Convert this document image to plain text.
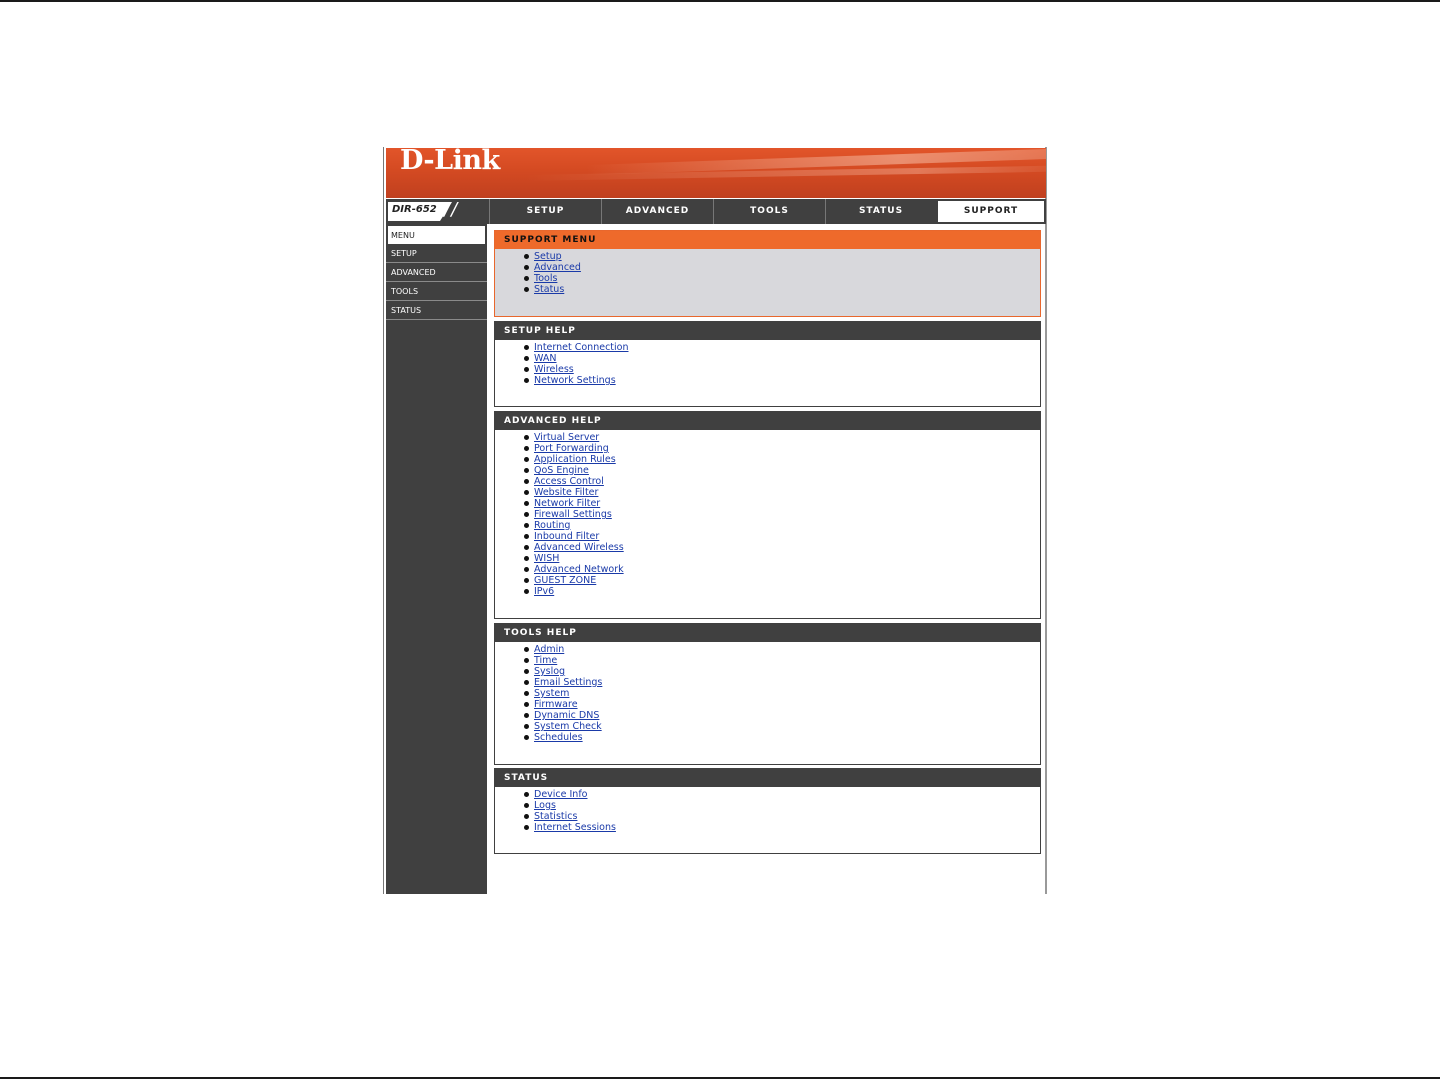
D-Link
DIR-652 //	SETUP	ADVANCED	TOOLS	STATUS	SUPPORT
MENU
SETUP
ADVANCED
TOOLS
STATUS
SUPPORT MENU
Setup
Advanced
Tools
Status
SETUP HELP
Internet Connection
WAN
Wireless
Network Settings
ADVANCED HELP
Virtual Server
Port Forwarding
Application Rules
QoS Engine
Access Control
Website Filter
Network Filter
Firewall Settings
Routing
Inbound Filter
Advanced Wireless
WISH
Advanced Network
GUEST ZONE
IPv6
TOOLS HELP
Admin
Time
Syslog
Email Settings
System
Firmware
Dynamic DNS
System Check
Schedules
STATUS
Device Info
Logs
Statistics
Internet Sessions
